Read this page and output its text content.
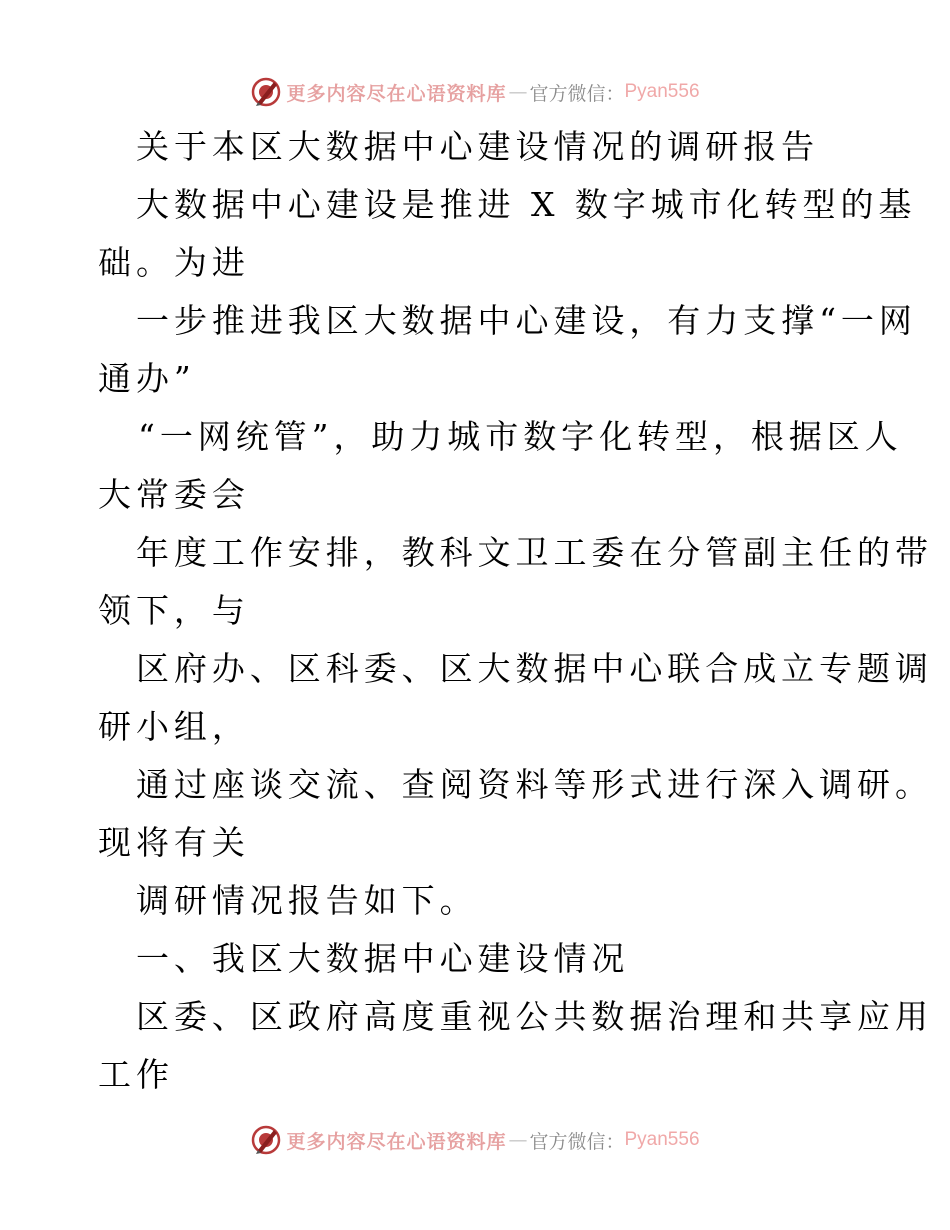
更多内容尽在心语资料库 — 官方微信： Pyan556
关于本区大数据中心建设情况的调研报告
大数据中心建设是推进 X 数字城市化转型的基
础。为进
一步推进我区大数据中心建设，有力支撑“一网
通办”
“一网统管”，助力城市数字化转型，根据区人
大常委会
年度工作安排，教科文卫工委在分管副主任的带
领下，与
区府办、区科委、区大数据中心联合成立专题调
研小组，
通过座谈交流、查阅资料等形式进行深入调研。
现将有关
调研情况报告如下。
一、我区大数据中心建设情况
区委、区政府高度重视公共数据治理和共享应用
工作
更多内容尽在心语资料库 — 官方微信： Pyan556
